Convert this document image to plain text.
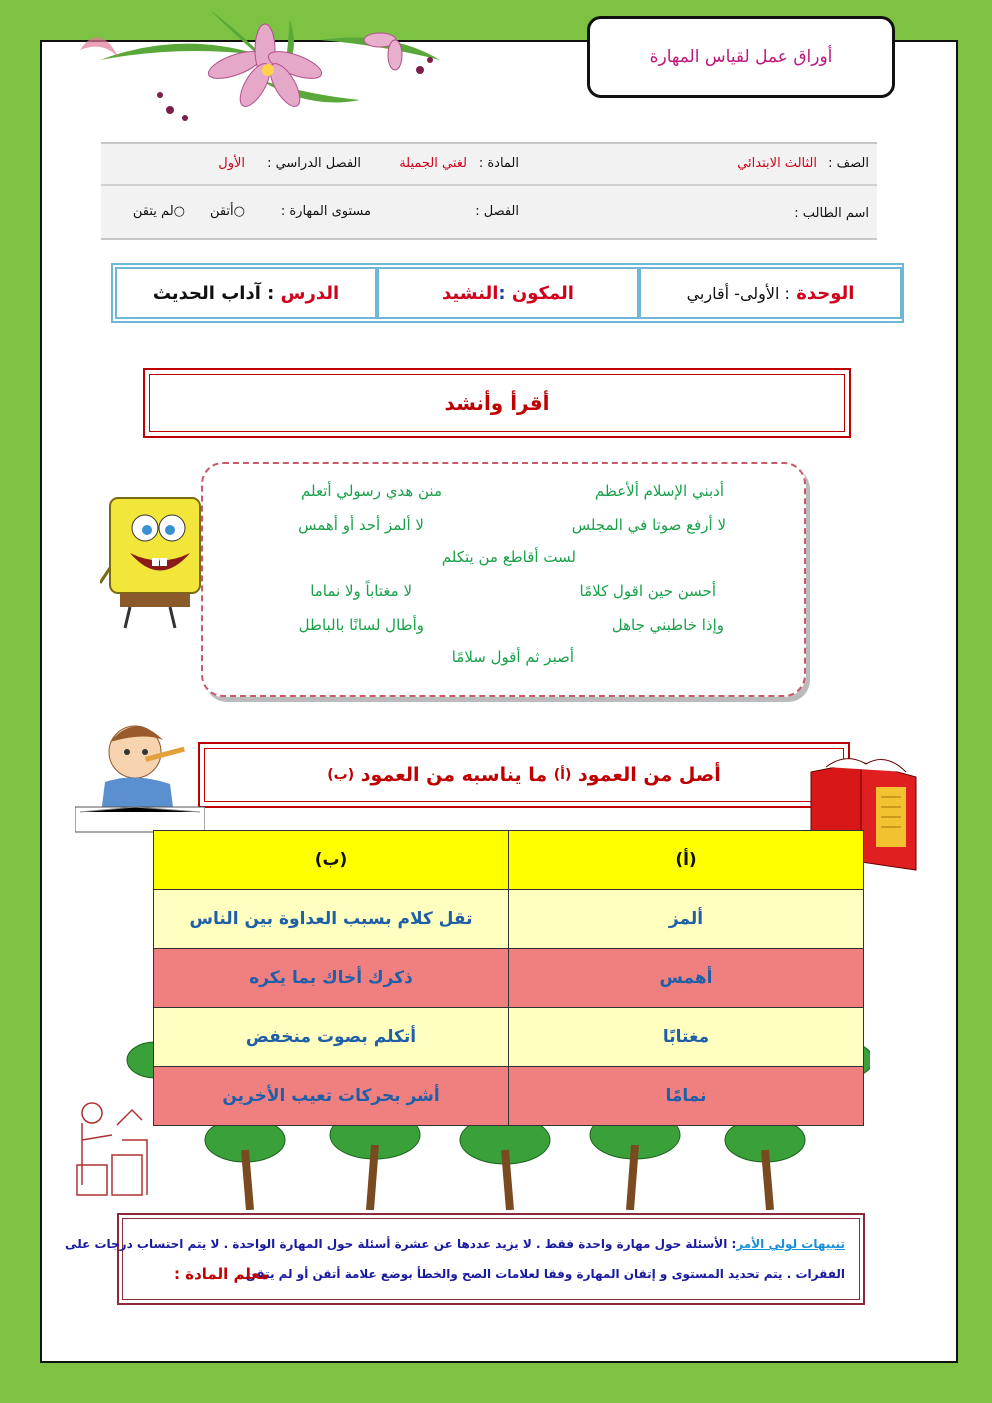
أوراق عمل لقياس المهارة
الصف :
الثالث الابتدائي
المادة :
لغتي الجميلة
الفصل الدراسي :
الأول
اسم الطالب :
الفصل :
مستوى المهارة :
○أتقن
○لم يتقن
الوحدة

: الأولى- أقاربي
المكون

:
النشيد
الدرس

: آداب الحديث
أقرأ وأنشد
أدبني الإسلام ألأعظم
منن هدي رسولي أتعلم
لا أرفع صوتا في المجلس
لا ألمز أحد أو أهمس
لست أقاطع من يتكلم
أحسن حين اقول كلامًا
لا مغتاباً ولا نماما
وإذا خاطبني جاهل
وأطال لسانًا بالباطل
أصبر ثم أقول سلامًا
أصل من العمود

(أ)

ما يناسبه من العمود

(ب)
(ب)	(أ)
تقل كلام بسبب العداوة بين الناس	ألمز
ذكرك أخاك بما يكره	أهمس
أتكلم بصوت منخفض	مغتابًا
أشر بحركات تعيب الأخرين	نمامًا
تنبيهات لولي الأمر: الأسئلة حول مهارة واحدة فقط . لا يزيد عددها عن عشرة أسئلة حول المهارة الواحدة . لا يتم احتساب درجات على
الفقرات . يتم تحديد المستوى و إتقان المهارة وفقا لعلامات الصح والخطأ بوضع علامة أتقن أو لم يتقن .
معلم المادة :
